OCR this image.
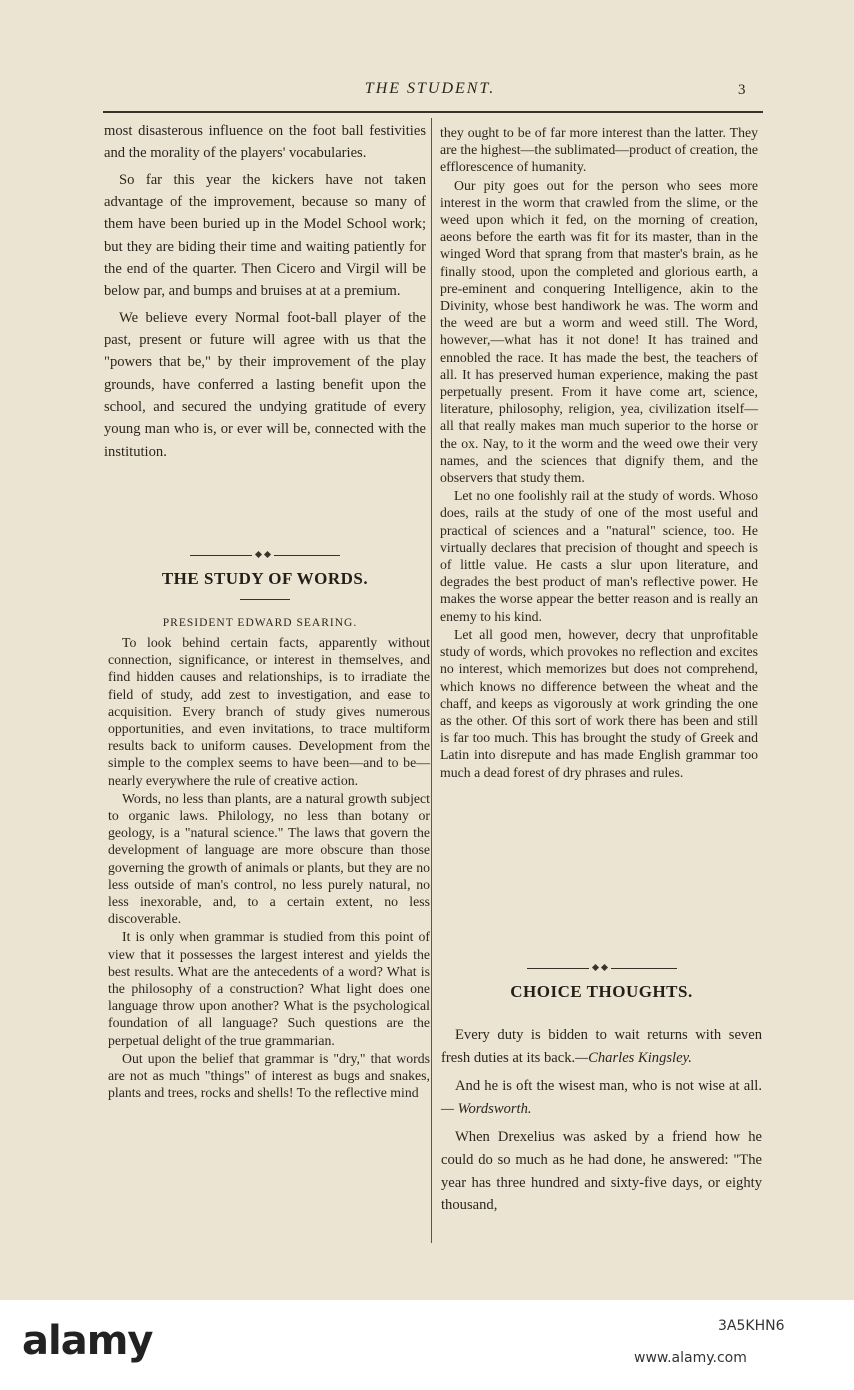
THE STUDENT.	3

most disasterous influence on the foot ball festivities and the morality of the players' vocabularies.

So far this year the kickers have not taken advantage of the improvement, because so many of them have been buried up in the Model School work; but they are biding their time and waiting patiently for the end of the quarter. Then Cicero and Virgil will be below par, and bumps and bruises at at a premium.

We believe every Normal foot-ball player of the past, present or future will agree with us that the "powers that be," by their improvement of the play grounds, have conferred a lasting benefit upon the school, and secured the undying gratitude of every young man who is, or ever will be, connected with the institution.

THE STUDY OF WORDS.
PRESIDENT EDWARD SEARING.

To look behind certain facts, apparently without connection, significance, or interest in themselves, and find hidden causes and relationships, is to irradiate the field of study, add zest to investigation, and ease to acquisition. Every branch of study gives numerous opportunities, and even invitations, to trace multiform results back to uniform causes. Development from the simple to the complex seems to have been—and to be—nearly everywhere the rule of creative action.

Words, no less than plants, are a natural growth subject to organic laws. Philology, no less than botany or geology, is a "natural science." The laws that govern the development of language are more obscure than those governing the growth of animals or plants, but they are no less outside of man's control, no less purely natural, no less inexorable, and, to a certain extent, no less discoverable.

It is only when grammar is studied from this point of view that it possesses the largest interest and yields the best results. What are the antecedents of a word? What is the philosophy of a construction? What light does one language throw upon another? What is the psychological foundation of all language? Such questions are the perpetual delight of the true grammarian.

Out upon the belief that grammar is "dry," that words are not as much "things" of interest as bugs and snakes, plants and trees, rocks and shells! To the reflective mind

they ought to be of far more interest than the latter. They are the highest—the sublimated—product of creation, the efflorescence of humanity.

Our pity goes out for the person who sees more interest in the worm that crawled from the slime, or the weed upon which it fed, on the morning of creation, aeons before the earth was fit for its master, than in the winged Word that sprang from that master's brain, as he finally stood, upon the completed and glorious earth, a pre-eminent and conquering Intelligence, akin to the Divinity, whose best handiwork he was. The worm and the weed are but a worm and weed still. The Word, however,—what has it not done! It has trained and ennobled the race. It has made the best, the teachers of all. It has preserved human experience, making the past perpetually present. From it have come art, science, literature, philosophy, religion, yea, civilization itself—all that really makes man much superior to the horse or the ox. Nay, to it the worm and the weed owe their very names, and the sciences that dignify them, and the observers that study them.

Let no one foolishly rail at the study of words. Whoso does, rails at the study of one of the most useful and practical of sciences and a "natural" science, too. He virtually declares that precision of thought and speech is of little value. He casts a slur upon literature, and degrades the best product of man's reflective power. He makes the worse appear the better reason and is really an enemy to his kind.

Let all good men, however, decry that unprofitable study of words, which provokes no reflection and excites no interest, which memorizes but does not comprehend, which knows no difference between the wheat and the chaff, and keeps as vigorously at work grinding the one as the other. Of this sort of work there has been and still is far too much. This has brought the study of Greek and Latin into disrepute and has made English grammar too much a dead forest of dry phrases and rules.

CHOICE THOUGHTS.

Every duty is bidden to wait returns with seven fresh duties at its back.—Charles Kingsley.

And he is oft the wisest man, who is not wise at all.— Wordsworth.

When Drexelius was asked by a friend how he could do so much as he had done, he answered: "The year has three hundred and sixty-five days, or eighty thousand,

alamy	3A5KHN6
www.alamy.com
